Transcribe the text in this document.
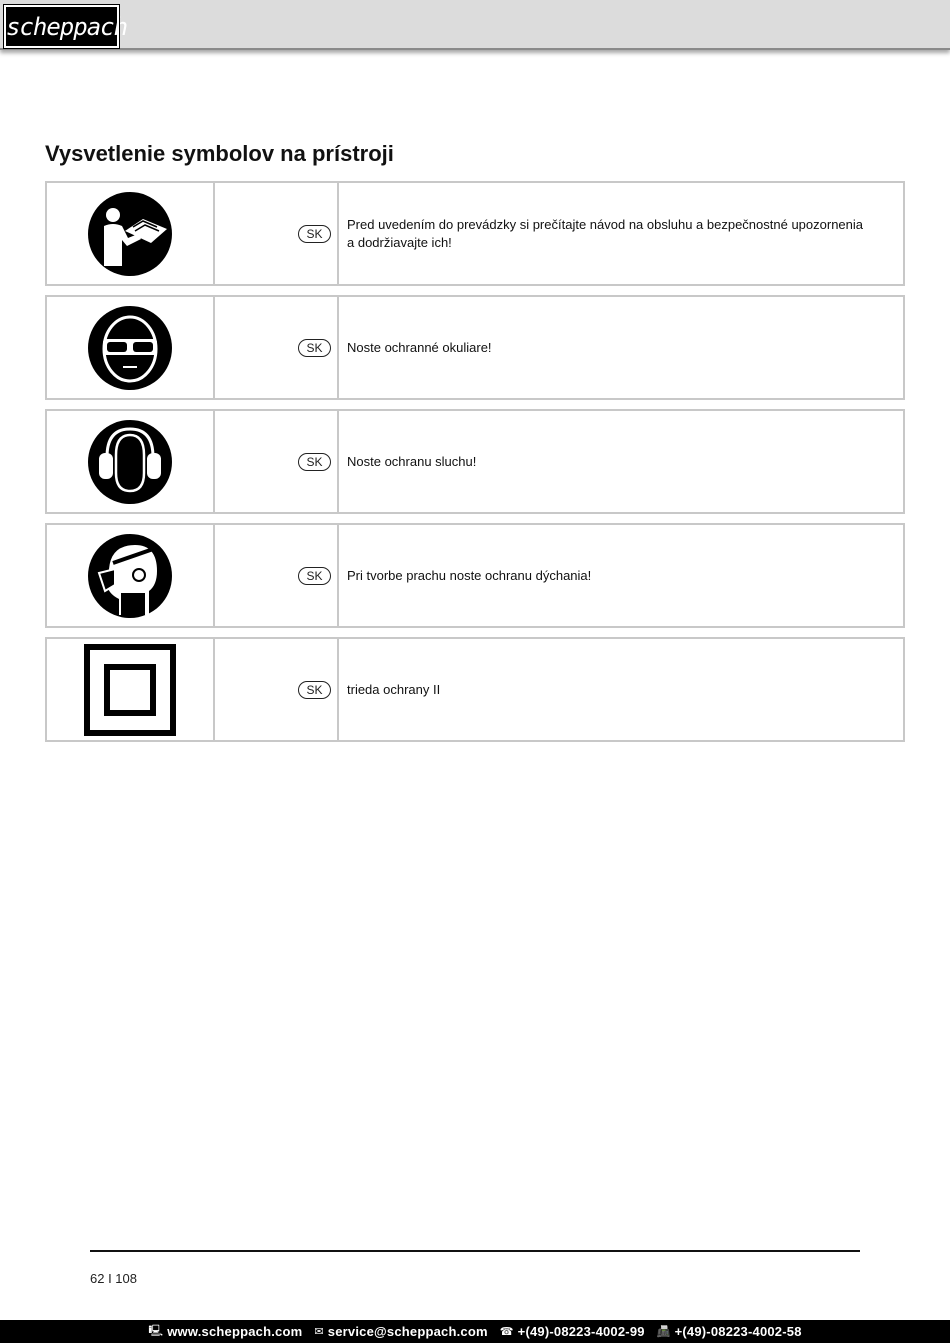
scheppach
Vysvetlenie symbolov na prístroji
SK
Pred uvedením do prevádzky si prečítajte návod na obsluhu a bezpečnostné upozornenia a dodržiavajte ich!
SK	Noste ochranné okuliare!
SK	Noste ochranu sluchu!
SK	Pri tvorbe prachu noste ochranu dýchania!
SK	trieda ochrany II
62 I 108
🖳 www.scheppach.com ✉ service@scheppach.com ☎ +(49)-08223-4002-99 📠 +(49)-08223-4002-58
